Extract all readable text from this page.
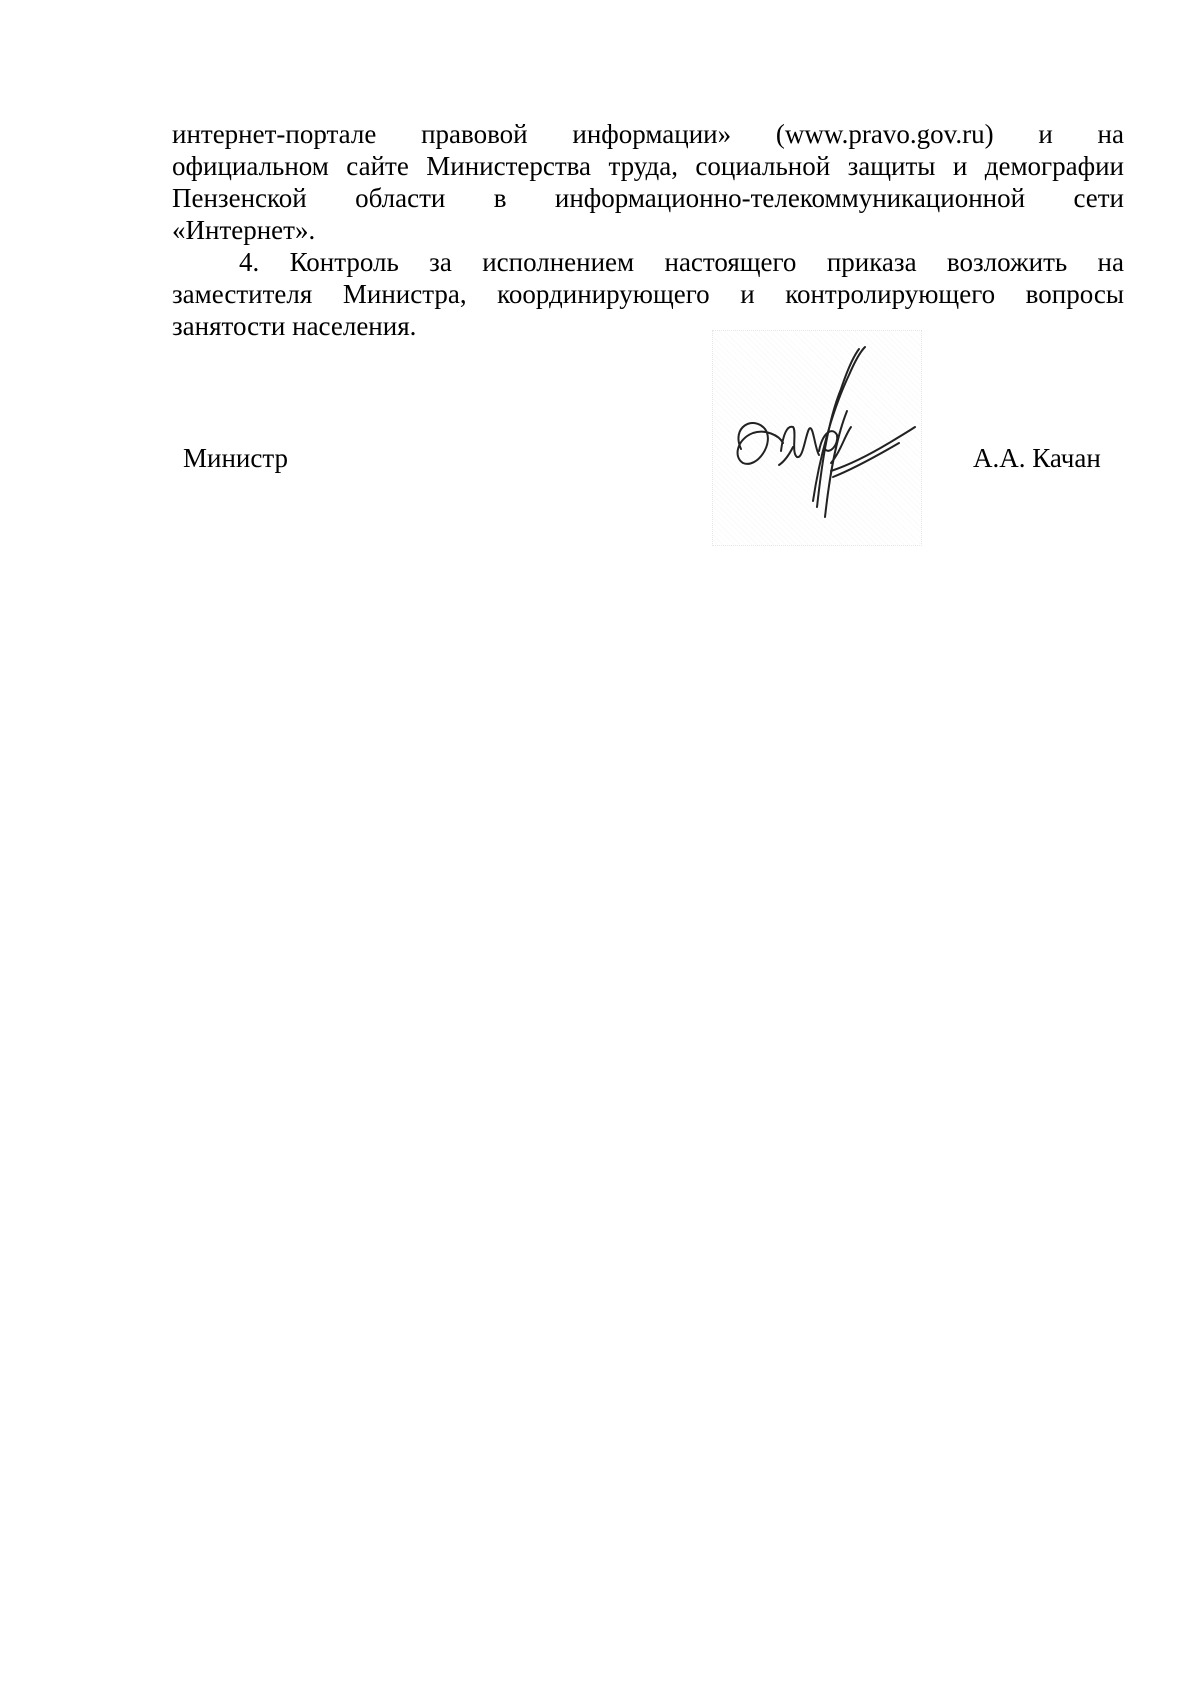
интернет-портале правовой информации» (www.pravo.gov.ru) и на
официальном сайте Министерства труда, социальной защиты и демографии
Пензенской области в информационно-телекоммуникационной сети
«Интернет».

4. Контроль за исполнением настоящего приказа возложить на
заместителя Министра, координирующего и контролирующего вопросы
занятости населения.

Министр	А.А. Качан
